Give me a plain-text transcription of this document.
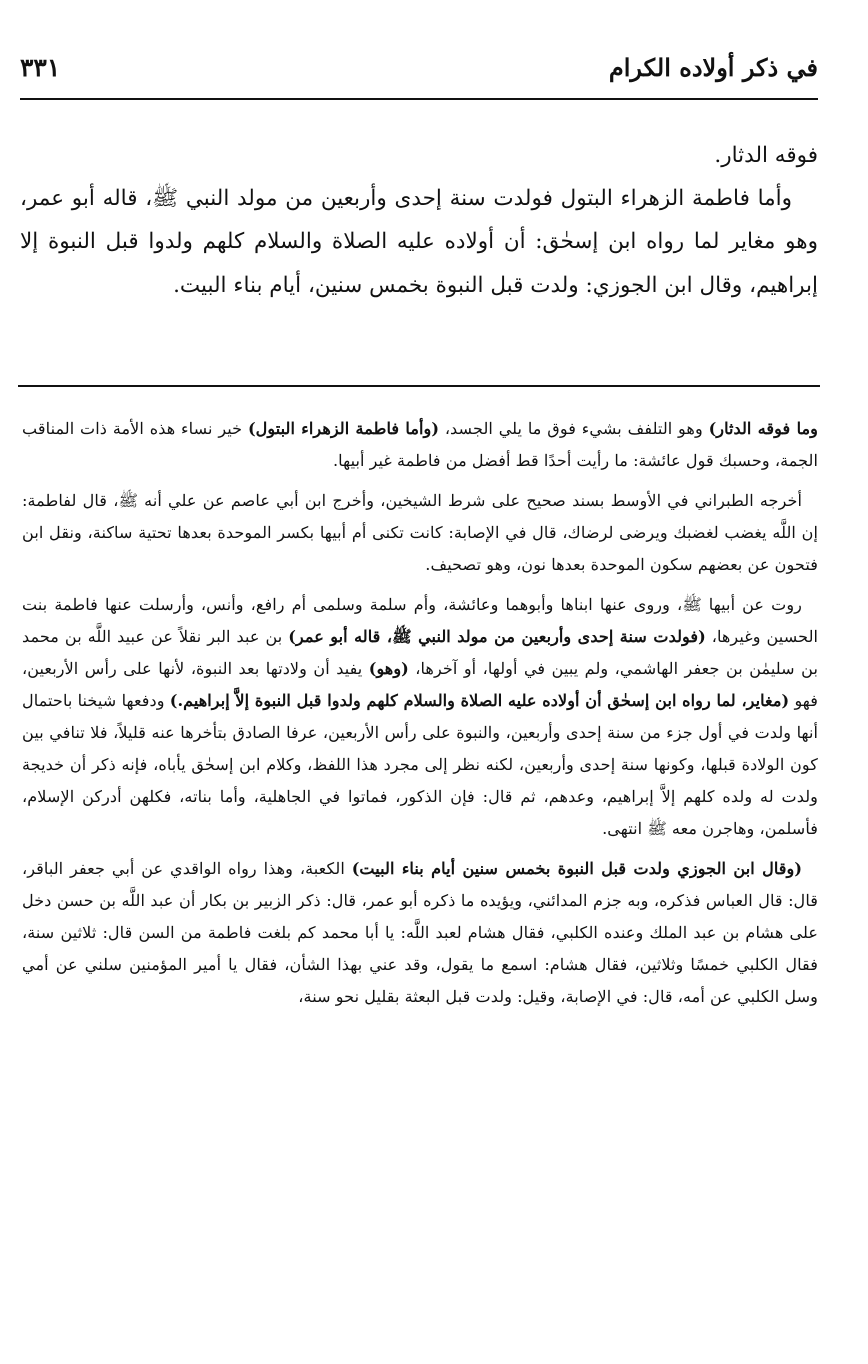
في ذكر أولاده الكرام
٣٣١

فوقه الدثار.

وأما فاطمة الزهراء البتول فولدت سنة إحدى وأربعين من مولد النبي ﷺ، قاله أبو عمر، وهو مغاير لما رواه ابن إسحٰق: أن أولاده عليه الصلاة والسلام كلهم ولدوا قبل النبوة إلا إبراهيم، وقال ابن الجوزي: ولدت قبل النبوة بخمس سنين، أيام بناء البيت.

وما فوقه الدثار) وهو التلفف بشيء فوق ما يلي الجسد، (وأما فاطمة الزهراء البتول) خير نساء هذه الأمة ذات المناقب الجمة، وحسبك قول عائشة: ما رأيت أحدًا قط أفضل من فاطمة غير أبيها.

أخرجه الطبراني في الأوسط بسند صحيح على شرط الشيخين، وأخرج ابن أبي عاصم عن علي أنه ﷺ، قال لفاطمة: إن اللَّه يغضب لغضبك ويرضى لرضاك، قال في الإصابة: كانت تكنى أم أبيها بكسر الموحدة بعدها تحتية ساكنة، ونقل ابن فتحون عن بعضهم سكون الموحدة بعدها نون، وهو تصحيف.

روت عن أبيها ﷺ، وروى عنها ابناها وأبوهما وعائشة، وأم سلمة وسلمى أم رافع، وأنس، وأرسلت عنها فاطمة بنت الحسين وغيرها، (فولدت سنة إحدى وأربعين من مولد النبي ﷺ، قاله أبو عمر) بن عبد البر نقلاً عن عبيد اللَّه بن محمد بن سليمٰن بن جعفر الهاشمي، ولم يبين في أولها، أو آخرها، (وهو) يفيد أن ولادتها بعد النبوة، لأنها على رأس الأربعين، فهو (مغاير، لما رواه ابن إسحٰق أن أولاده عليه الصلاة والسلام كلهم ولدوا قبل النبوة إلاَّ إبراهيم.) ودفعها شيخنا باحتمال أنها ولدت في أول جزء من سنة إحدى وأربعين، والنبوة على رأس الأربعين، عرفا الصادق بتأخرها عنه قليلاً، فلا تنافي بين كون الولادة قبلها، وكونها سنة إحدى وأربعين، لكنه نظر إلى مجرد هذا اللفظ، وكلام ابن إسحٰق يأباه، فإنه ذكر أن خديجة ولدت له ولده كلهم إلاَّ إبراهيم، وعدهم، ثم قال: فإن الذكور، فماتوا في الجاهلية، وأما بناته، فكلهن أدركن الإسلام، فأسلمن، وهاجرن معه ﷺ انتهى.

(وقال ابن الجوزي ولدت قبل النبوة بخمس سنين أيام بناء البيت) الكعبة، وهذا رواه الواقدي عن أبي جعفر الباقر، قال: قال العباس فذكره، وبه جزم المدائني، ويؤيده ما ذكره أبو عمر، قال: ذكر الزبير بن بكار أن عبد اللَّه بن حسن دخل على هشام بن عبد الملك وعنده الكلبي، فقال هشام لعبد اللَّه: يا أبا محمد كم بلغت فاطمة من السن قال: ثلاثين سنة، فقال الكلبي خمسًا وثلاثين، فقال هشام: اسمع ما يقول، وقد عني بهذا الشأن، فقال يا أمير المؤمنين سلني عن أمي وسل الكلبي عن أمه، قال: في الإصابة، وقيل: ولدت قبل البعثة بقليل نحو سنة،
